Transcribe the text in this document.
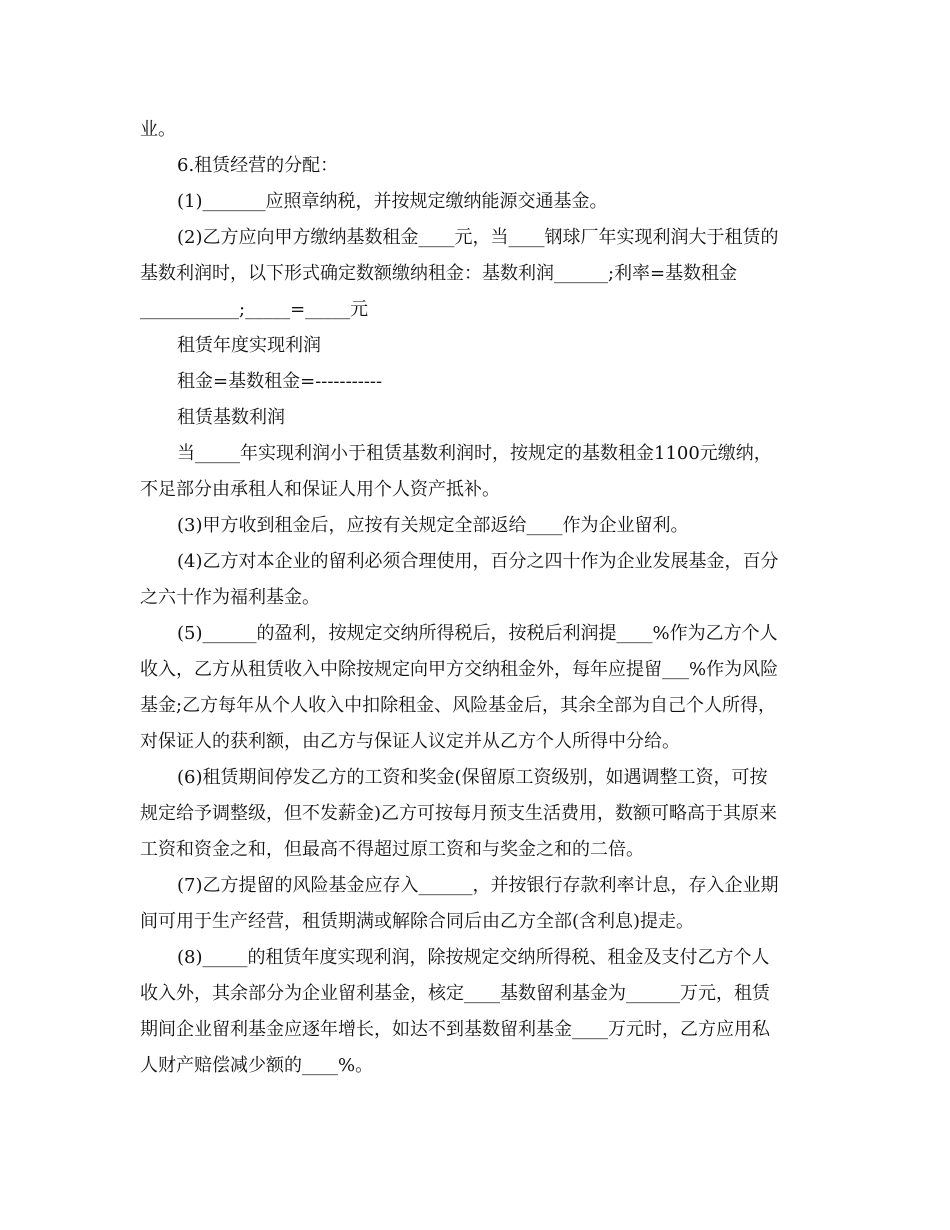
业。
6.租赁经营的分配：
(1)_______应照章纳税，并按规定缴纳能源交通基金。
(2)乙方应向甲方缴纳基数租金____元，当____钢球厂年实现利润大于租赁的
基数利润时，以下形式确定数额缴纳租金：基数利润______;利率=基数租金
___________;_____=_____元
租赁年度实现利润
租金=基数租金=-----------
租赁基数利润
当_____年实现利润小于租赁基数利润时，按规定的基数租金1100元缴纳，
不足部分由承租人和保证人用个人资产抵补。
(3)甲方收到租金后，应按有关规定全部返给____作为企业留利。
(4)乙方对本企业的留利必须合理使用，百分之四十作为企业发展基金，百分
之六十作为福利基金。
(5)______的盈利，按规定交纳所得税后，按税后利润提____%作为乙方个人
收入，乙方从租赁收入中除按规定向甲方交纳租金外，每年应提留___%作为风险
基金;乙方每年从个人收入中扣除租金、风险基金后，其余全部为自己个人所得，
对保证人的获利额，由乙方与保证人议定并从乙方个人所得中分给。
(6)租赁期间停发乙方的工资和奖金(保留原工资级别，如遇调整工资，可按
规定给予调整级，但不发薪金)乙方可按每月预支生活费用，数额可略高于其原来
工资和资金之和，但最高不得超过原工资和与奖金之和的二倍。
(7)乙方提留的风险基金应存入______，并按银行存款利率计息，存入企业期
间可用于生产经营，租赁期满或解除合同后由乙方全部(含利息)提走。
(8)_____的租赁年度实现利润，除按规定交纳所得税、租金及支付乙方个人
收入外，其余部分为企业留利基金，核定____基数留利基金为______万元，租赁
期间企业留利基金应逐年增长，如达不到基数留利基金____万元时，乙方应用私
人财产赔偿减少额的____%。
